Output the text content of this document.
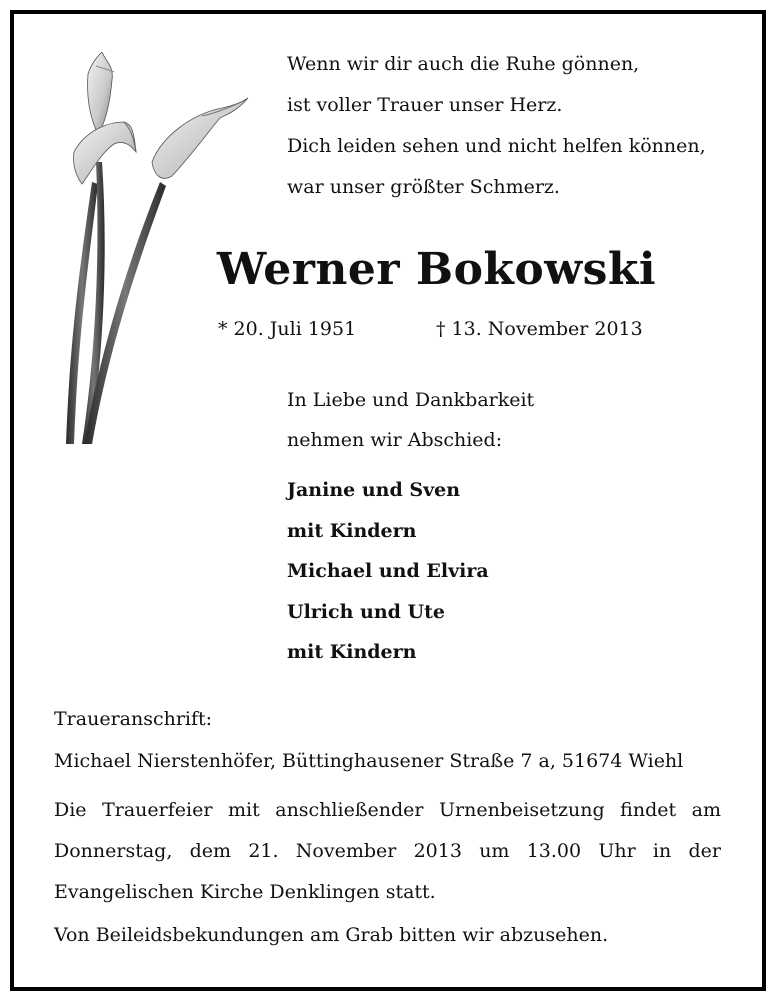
Wenn wir dir auch die Ruhe gönnen,
ist voller Trauer unser Herz.
Dich leiden sehen und nicht helfen können,
war unser größter Schmerz.
Werner Bokowski
* 20. Juli 1951	† 13. November 2013
In Liebe und Dankbarkeit
nehmen wir Abschied:
Janine und Sven
mit Kindern
Michael und Elvira
Ulrich und Ute
mit Kindern
Traueranschrift:
Michael Nierstenhöfer, Büttinghausener Straße 7 a, 51674 Wiehl
Die Trauerfeier mit anschließender Urnenbeisetzung findet am
Donnerstag, dem 21. November 2013 um 13.00 Uhr in der
Evangelischen Kirche Denklingen statt.
Von Beileidsbekundungen am Grab bitten wir abzusehen.
